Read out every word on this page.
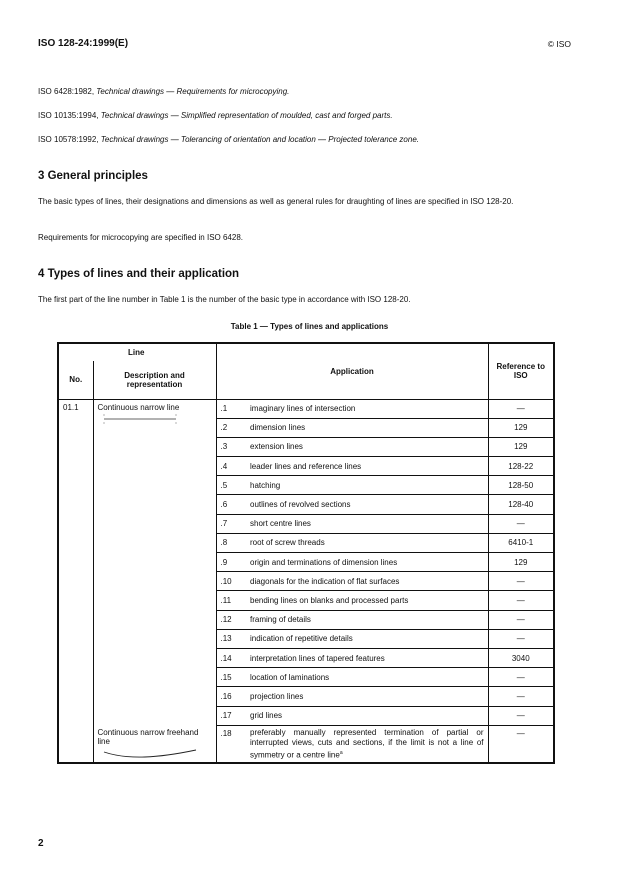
ISO 128-24:1999(E)	© ISO
ISO 6428:1982, Technical drawings — Requirements for microcopying.
ISO 10135:1994, Technical drawings — Simplified representation of moulded, cast and forged parts.
ISO 10578:1992, Technical drawings — Tolerancing of orientation and location — Projected tolerance zone.
3 General principles
The basic types of lines, their designations and dimensions as well as general rules for draughting of lines are specified in ISO 128-20.
Requirements for microcopying are specified in ISO 6428.
4 Types of lines and their application
The first part of the line number in Table 1 is the number of the basic type in accordance with ISO 128-20.
Table 1 — Types of lines and applications
	Line	Application	Reference to ISO
No.	Description and representation
01.1	Continuous narrow line	.1	imaginary lines of intersection	—
.2	dimension lines	129
.3	extension lines	129
.4	leader lines and reference lines	128-22
.5	hatching	128-50
.6	outlines of revolved sections	128-40
.7	short centre lines	—
.8	root of screw threads	6410-1
.9	origin and terminations of dimension lines	129
.10	diagonals for the indication of flat surfaces	—
.11	bending lines on blanks and processed parts	—
.12	framing of details	—
.13	indication of repetitive details	—
.14	interpretation lines of tapered features	3040
.15	location of laminations	—
.16	projection lines	—
.17	grid lines	—

Continuous narrow freehand line	.18	preferably manually represented termination of partial or interrupted views, cuts and sections, if the limit is not a line of symmetry or a centre line$^a$	—
2
